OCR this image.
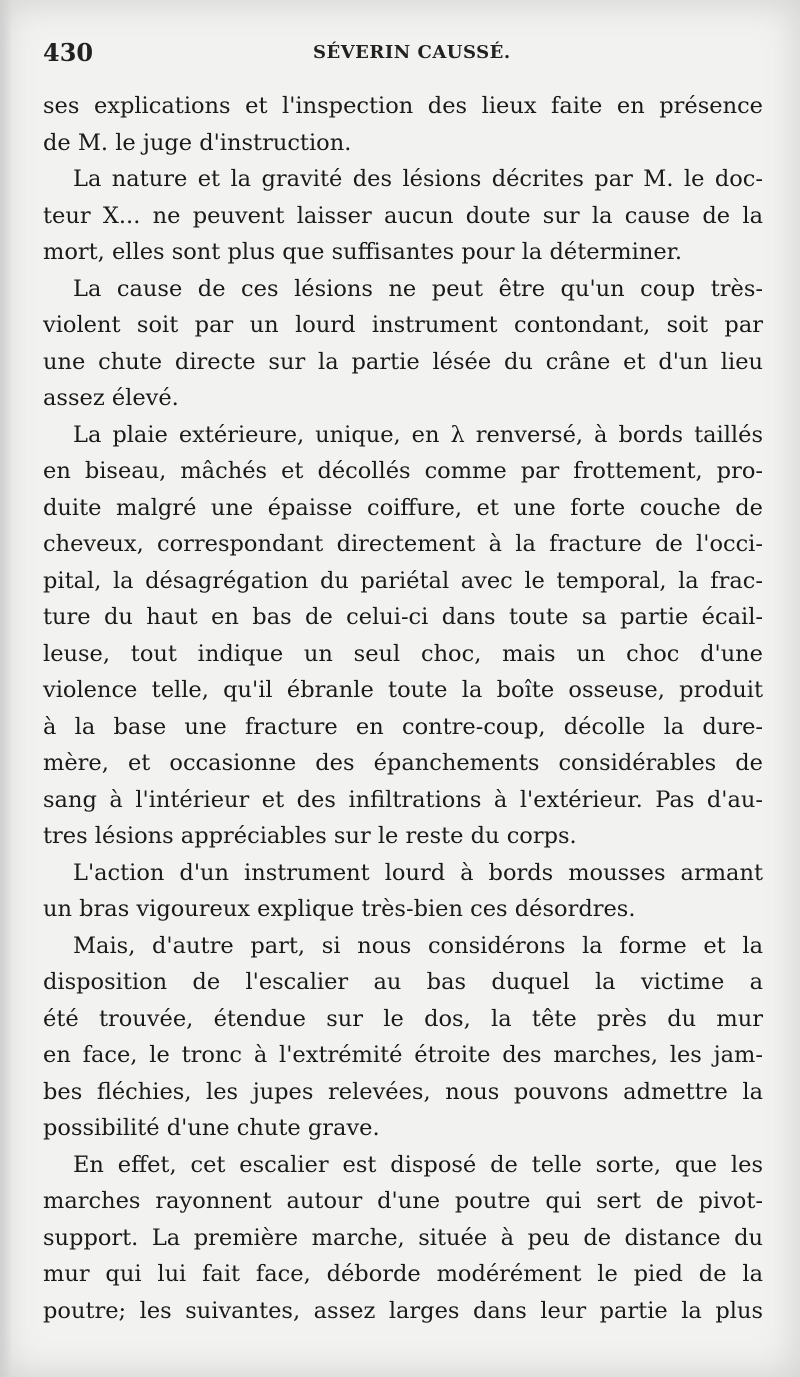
430	SÉVERIN CAUSSÉ.
ses explications et l'inspection des lieux faite en présence
de M. le juge d'instruction.
La nature et la gravité des lésions décrites par M. le doc-
teur X... ne peuvent laisser aucun doute sur la cause de la
mort, elles sont plus que suffisantes pour la déterminer.
La cause de ces lésions ne peut être qu'un coup très-
violent soit par un lourd instrument contondant, soit par
une chute directe sur la partie lésée du crâne et d'un lieu
assez élevé.
La plaie extérieure, unique, en λ renversé, à bords taillés
en biseau, mâchés et décollés comme par frottement, pro-
duite malgré une épaisse coiffure, et une forte couche de
cheveux, correspondant directement à la fracture de l'occi-
pital, la désagrégation du pariétal avec le temporal, la frac-
ture du haut en bas de celui-ci dans toute sa partie écail-
leuse, tout indique un seul choc, mais un choc d'une
violence telle, qu'il ébranle toute la boîte osseuse, produit
à la base une fracture en contre-coup, décolle la dure-
mère, et occasionne des épanchements considérables de
sang à l'intérieur et des infiltrations à l'extérieur. Pas d'au-
tres lésions appréciables sur le reste du corps.
L'action d'un instrument lourd à bords mousses armant
un bras vigoureux explique très-bien ces désordres.
Mais, d'autre part, si nous considérons la forme et la
disposition de l'escalier au bas duquel la victime a
été trouvée, étendue sur le dos, la tête près du mur
en face, le tronc à l'extrémité étroite des marches, les jam-
bes fléchies, les jupes relevées, nous pouvons admettre la
possibilité d'une chute grave.
En effet, cet escalier est disposé de telle sorte, que les
marches rayonnent autour d'une poutre qui sert de pivot-
support. La première marche, située à peu de distance du
mur qui lui fait face, déborde modérément le pied de la
poutre; les suivantes, assez larges dans leur partie la plus
